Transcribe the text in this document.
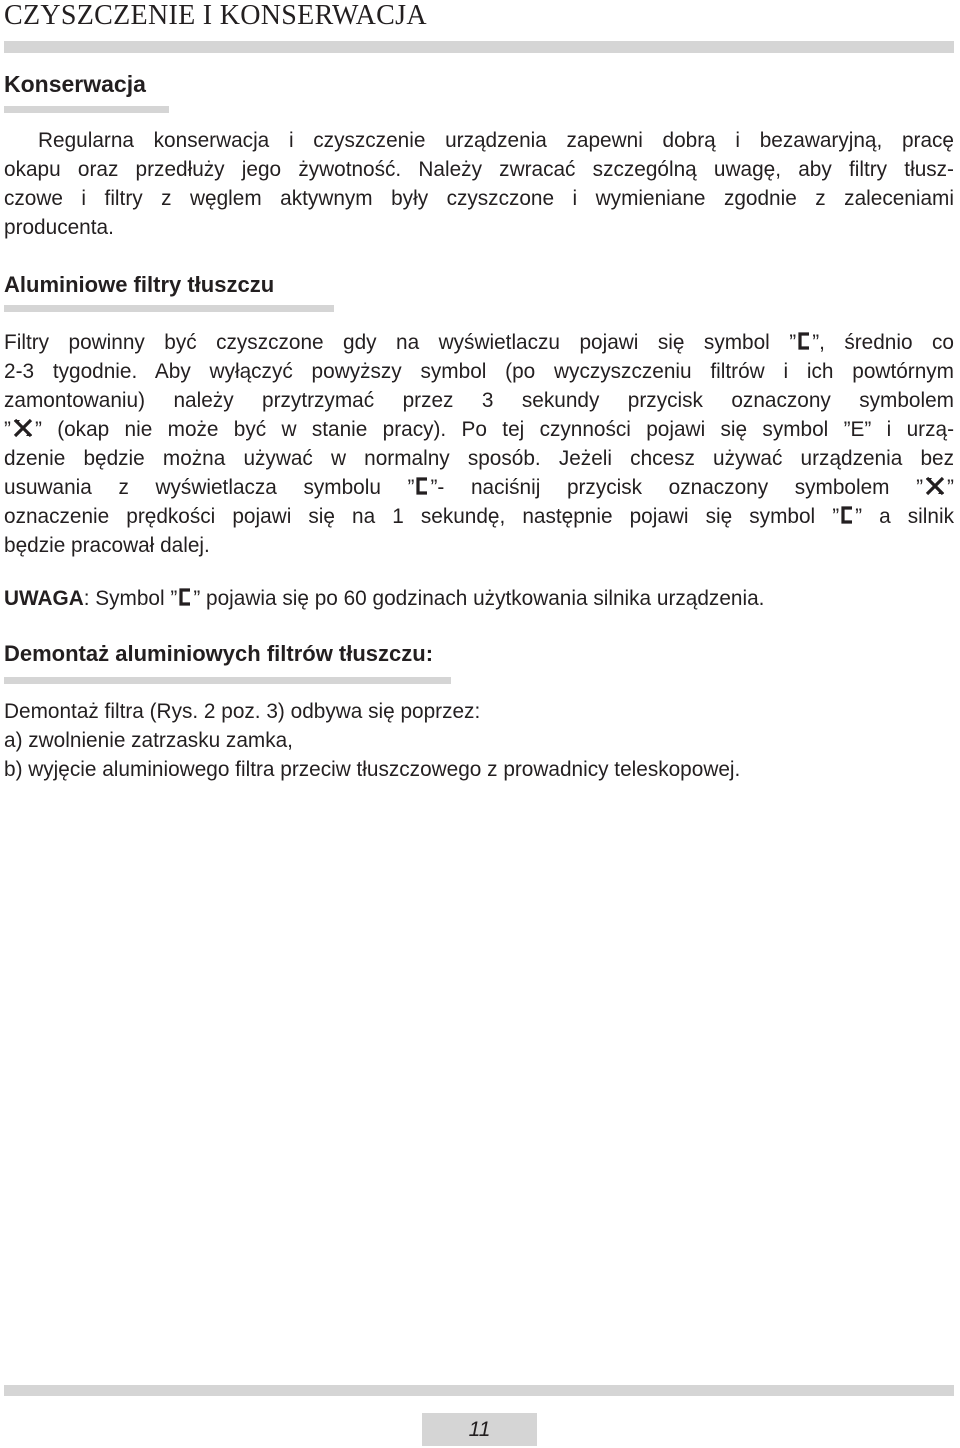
CZYSZCZENIE I KONSERWACJA
Konserwacja
Regularna konserwacja i czyszczenie urządzenia zapewni dobrą i bezawaryjną, pracę
okapu oraz przedłuży jego żywotność. Należy zwracać szczególną uwagę, aby filtry tłusz-
czowe i filtry z węglem aktywnym były czyszczone i wymieniane zgodnie z zaleceniami
producenta.
Aluminiowe filtry tłuszczu
Filtry powinny być czyszczone gdy na wyświetlaczu pojawi się symbol ” ”, średnio co
2-3 tygodnie. Aby wyłączyć powyższy symbol (po wyczyszczeniu filtrów i ich powtórnym
zamontowaniu) należy przytrzymać przez 3 sekundy przycisk oznaczony symbolem
” ” (okap nie może być w stanie pracy). Po tej czynności pojawi się symbol ”E” i urzą-
dzenie będzie można używać w normalny sposób. Jeżeli chcesz używać urządzenia bez
usuwania z wyświetlacza symbolu ” ”- naciśnij przycisk oznaczony symbolem ” ”
oznaczenie prędkości pojawi się na 1 sekundę, następnie pojawi się symbol ” ” a silnik
będzie pracował dalej.
UWAGA: Symbol ” ” pojawia się po 60 godzinach użytkowania silnika urządzenia.
Demontaż aluminiowych filtrów tłuszczu:
Demontaż filtra (Rys. 2 poz. 3) odbywa się poprzez:
a) zwolnienie zatrzasku zamka,
b) wyjęcie aluminiowego filtra przeciw tłuszczowego z prowadnicy teleskopowej.
11
